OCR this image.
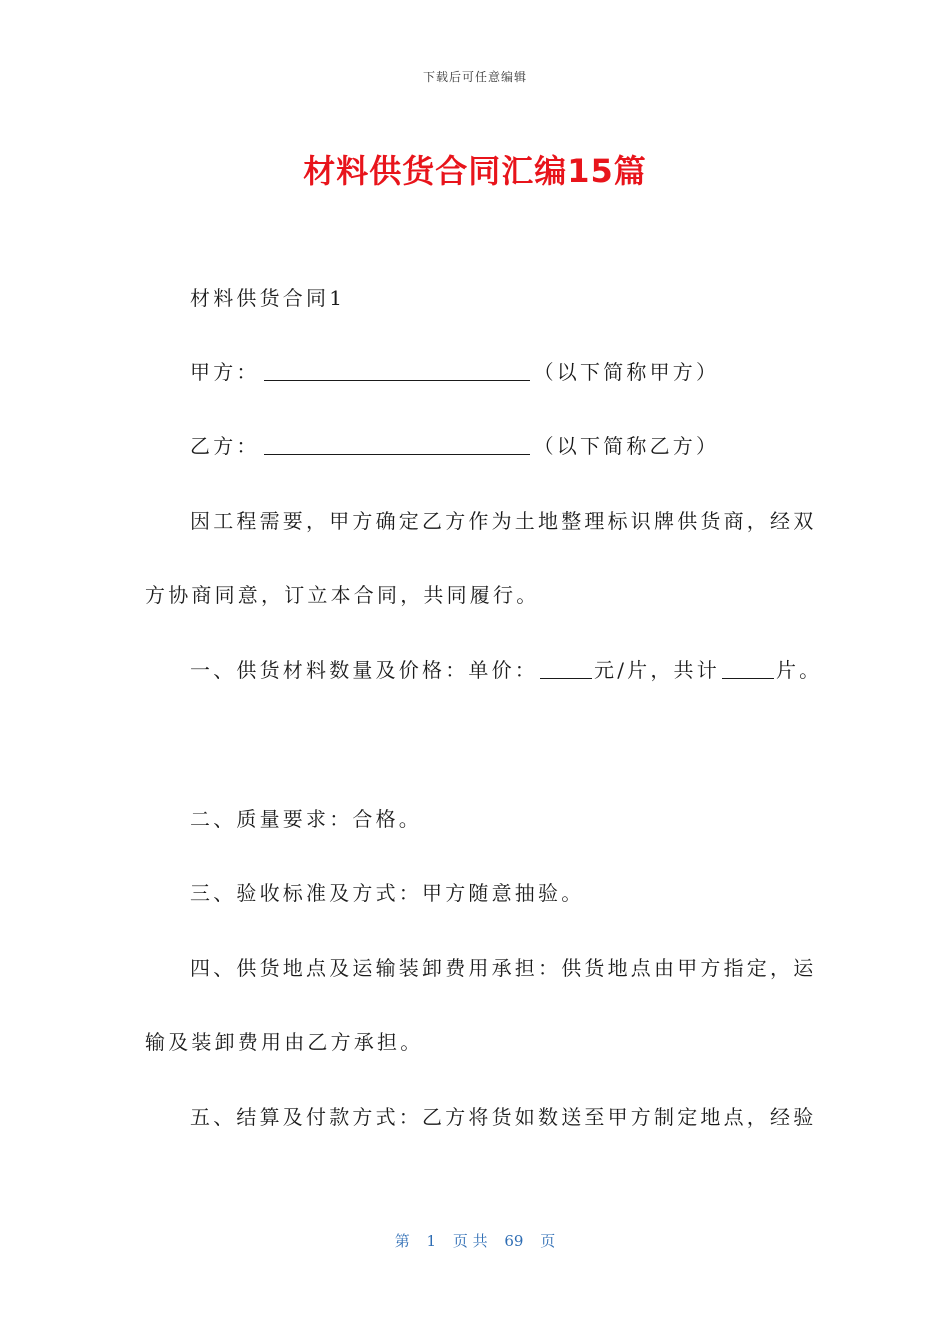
下载后可任意编辑
材料供货合同汇编15篇
材料供货合同1
甲方：	（以下简称甲方）
乙方：	（以下简称乙方）
因工程需要，甲方确定乙方作为土地整理标识牌供货商，经双
方协商同意，订立本合同，共同履行。
一、供货材料数量及价格：单价：	元/片，共计	片。
二、质量要求：合格。
三、验收标准及方式：甲方随意抽验。
四、供货地点及运输装卸费用承担：供货地点由甲方指定，运
输及装卸费用由乙方承担。
五、结算及付款方式：乙方将货如数送至甲方制定地点，经验
第 1 页 共 69 页
